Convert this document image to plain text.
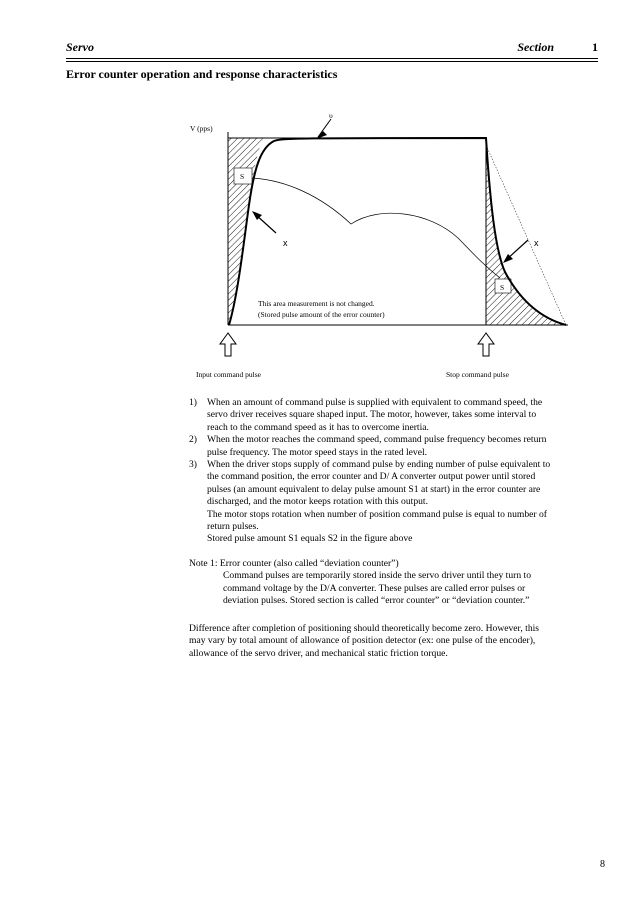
Servo	Section	1
Error counter operation and response characteristics
V (pps)
υ
S
S
x	x
This area measurement is not changed.
(Stored pulse amount of the error counter)
Input command pulse	Stop command pulse
1) When an amount of command pulse is supplied with equivalent to command speed, the
servo driver receives square shaped input. The motor, however, takes some interval to
reach to the command speed as it has to overcome inertia.
2) When the motor reaches the command speed, command pulse frequency becomes return
pulse frequency. The motor speed stays in the rated level.
3) When the driver stops supply of command pulse by ending number of pulse equivalent to
the command position, the error counter and D/ A converter output power until stored
pulses (an amount equivalent to delay pulse amount S1 at start) in the error counter are
discharged, and the motor keeps rotation with this output.
The motor stops rotation when number of position command pulse is equal to number of
return pulses.
Stored pulse amount S1 equals S2 in the figure above
Note 1: Error counter (also called “deviation counter”)
Command pulses are temporarily stored inside the servo driver until they turn to
command voltage by the D/A converter. These pulses are called error pulses or
deviation pulses. Stored section is called “error counter” or “deviation counter.”
Difference after completion of positioning should theoretically become zero. However, this
may vary by total amount of allowance of position detector (ex: one pulse of the encoder),
allowance of the servo driver, and mechanical static friction torque.
8
